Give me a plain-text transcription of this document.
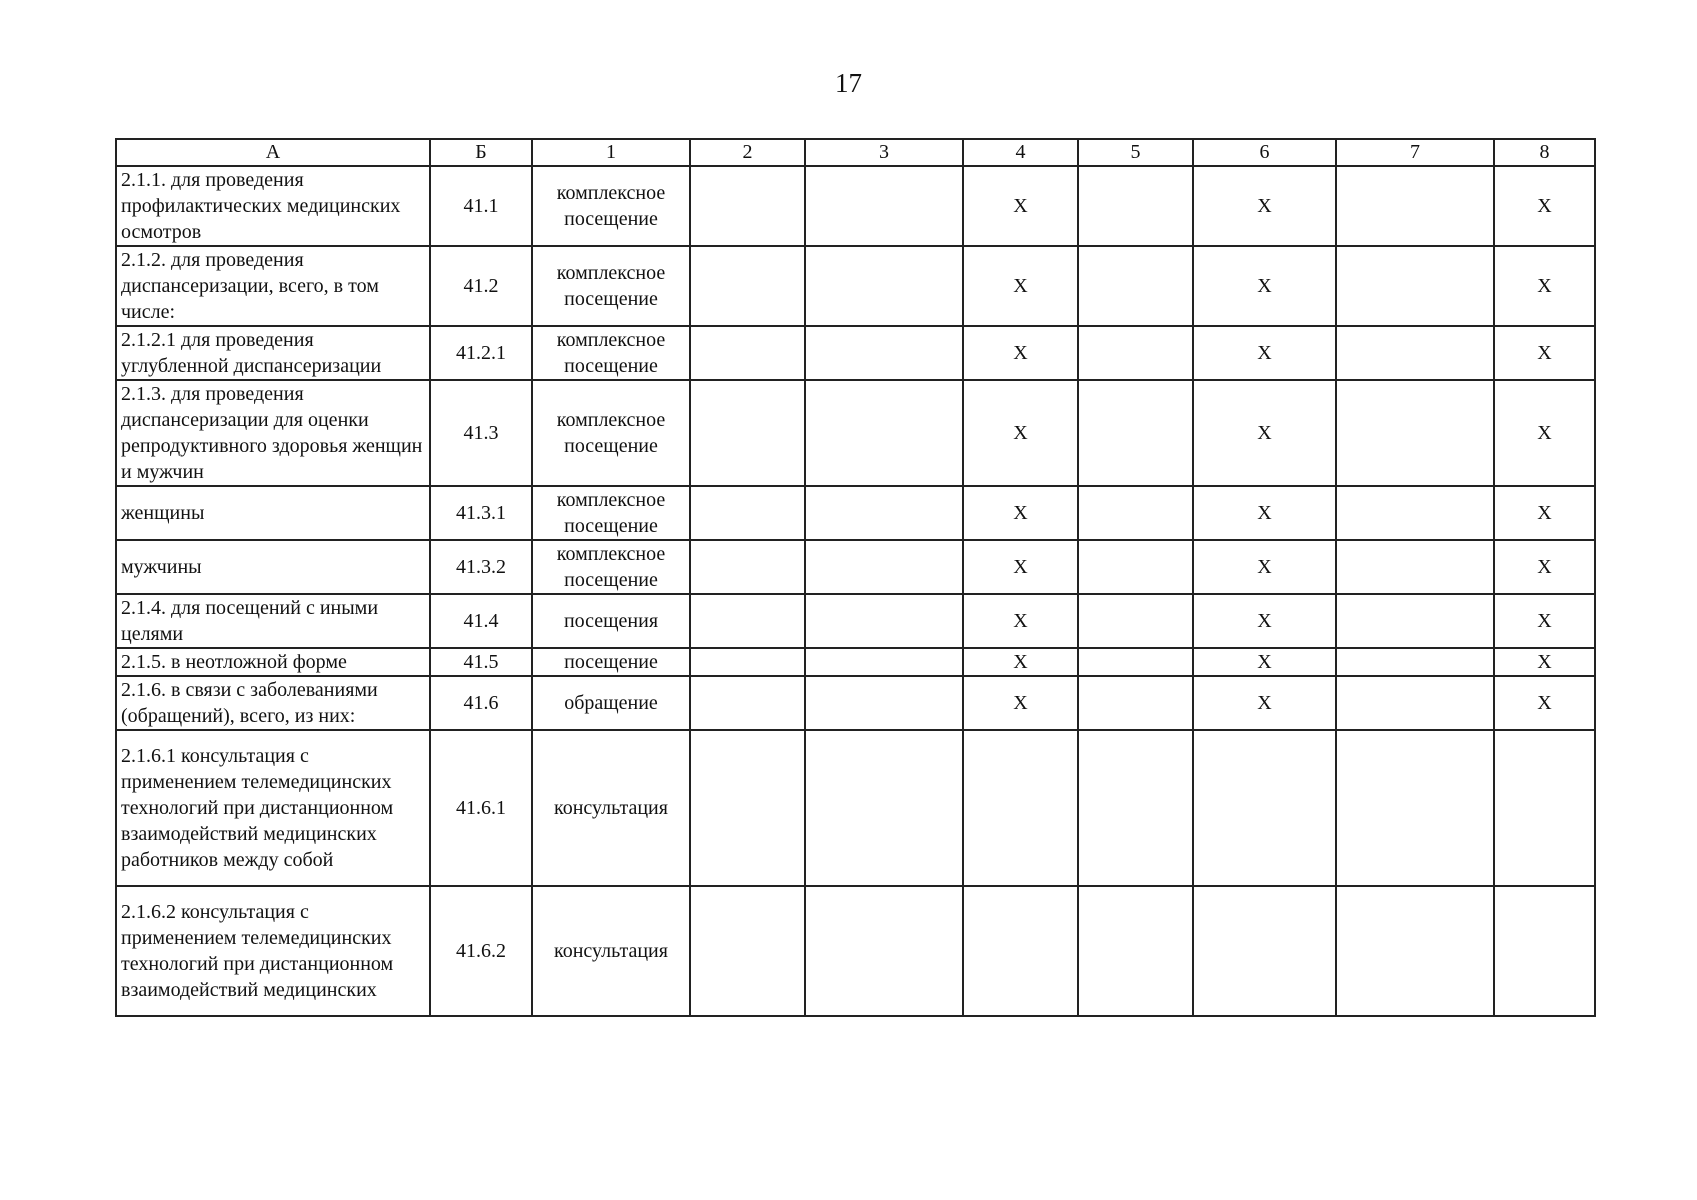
17
А	Б	1	2	3	4	5	6	7	8
2.1.1. для проведения профилактических медицинских осмотров	41.1	комплексное посещение			Х		Х		Х
2.1.2. для проведения диспансеризации, всего, в том числе:	41.2	комплексное посещение			Х		Х		Х
2.1.2.1 для проведения углубленной диспансеризации	41.2.1	комплексное посещение			Х		Х		Х
2.1.3. для проведения диспансеризации для оценки репродуктивного здоровья женщин и мужчин	41.3	комплексное посещение			Х		Х		Х
женщины	41.3.1	комплексное посещение			Х		Х		Х
мужчины	41.3.2	комплексное посещение			Х		Х		Х
2.1.4. для посещений с иными целями	41.4	посещения			Х		Х		Х
2.1.5. в неотложной форме	41.5	посещение			Х		Х		Х
2.1.6. в связи с заболеваниями (обращений), всего, из них:	41.6	обращение			Х		Х		Х
2.1.6.1 консультация с применением телемедицинских технологий при дистанционном взаимодействий медицинских работников между собой	41.6.1	консультация							
2.1.6.2 консультация с применением телемедицинских технологий при дистанционном взаимодействий медицинских	41.6.2	консультация							
